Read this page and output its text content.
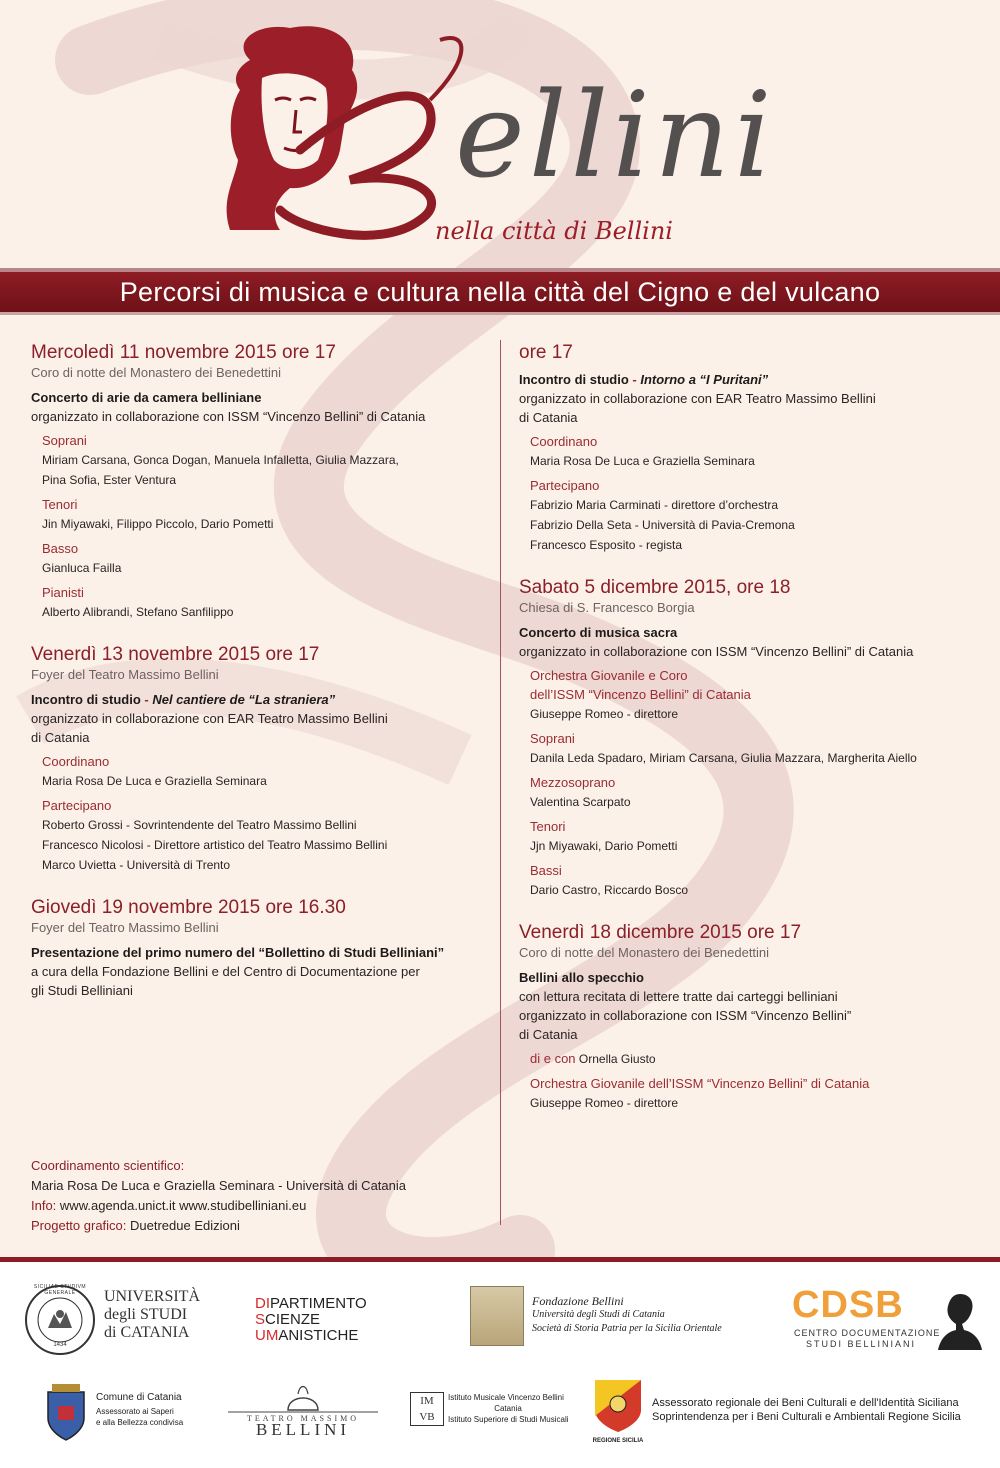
ellini
nella città di Bellini
Percorsi di musica e cultura nella città del Cigno e del vulcano
Mercoledì 11 novembre 2015 ore 17
Coro di notte del Monastero dei Benedettini
Concerto di arie da camera belliniane
organizzato in collaborazione con ISSM “Vincenzo Bellini” di Catania
Soprani
Miriam Carsana, Gonca Dogan, Manuela Infalletta, Giulia Mazzara,
Pina Sofia, Ester Ventura
Tenori
Jin Miyawaki, Filippo Piccolo, Dario Pometti
Basso
Gianluca Failla
Pianisti
Alberto Alibrandi, Stefano Sanfilippo
Venerdì 13 novembre 2015 ore 17
Foyer del Teatro Massimo Bellini
Incontro di studio - Nel cantiere de “La straniera”
organizzato in collaborazione con EAR Teatro Massimo Bellini
di Catania
Coordinano
Maria Rosa De Luca e Graziella Seminara
Partecipano
Roberto Grossi - Sovrintendente del Teatro Massimo Bellini
Francesco Nicolosi - Direttore artistico del Teatro Massimo Bellini
Marco Uvietta - Università di Trento
Giovedì 19 novembre 2015 ore 16.30
Foyer del Teatro Massimo Bellini
Presentazione del primo numero del “Bollettino di Studi Belliniani”
a cura della Fondazione Bellini e del Centro di Documentazione per
gli Studi Belliniani
Coordinamento scientifico:
Maria Rosa De Luca e Graziella Seminara - Università di Catania
Info: www.agenda.unict.it www.studibelliniani.eu
Progetto grafico: Duetredue Edizioni
ore 17
Incontro di studio - Intorno a “I Puritani”
organizzato in collaborazione con EAR Teatro Massimo Bellini
di Catania
Coordinano
Maria Rosa De Luca e Graziella Seminara
Partecipano
Fabrizio Maria Carminati - direttore d’orchestra
Fabrizio Della Seta - Università di Pavia-Cremona
Francesco Esposito - regista
Sabato 5 dicembre 2015, ore 18
Chiesa di S. Francesco Borgia
Concerto di musica sacra
organizzato in collaborazione con ISSM “Vincenzo Bellini” di Catania
Orchestra Giovanile e Coro
dell’ISSM “Vincenzo Bellini” di Catania
Giuseppe Romeo - direttore
Soprani
Danila Leda Spadaro, Miriam Carsana, Giulia Mazzara, Margherita Aiello
Mezzosoprano
Valentina Scarpato
Tenori
Jjn Miyawaki, Dario Pometti
Bassi
Dario Castro, Riccardo Bosco
Venerdì 18 dicembre 2015 ore 17
Coro di notte del Monastero dei Benedettini
Bellini allo specchio
con lettura recitata di lettere tratte dai carteggi belliniani
organizzato in collaborazione con ISSM “Vincenzo Bellini”
di Catania
di e con Ornella Giusto
Orchestra Giovanile dell’ISSM “Vincenzo Bellini” di Catania
Giuseppe Romeo - direttore
SICILIAE STVDIVM GENERALE
1434
UNIVERSITÀ
degli STUDI
di CATANIA
DIPARTIMENTO
SCIENZE
UMANISTICHE
Fondazione Bellini
Università degli Studi di Catania
Società di Storia Patria per la Sicilia Orientale
CDSB
CENTRO DOCUMENTAZIONE
STUDI BELLINIANI
Comune di Catania
Assessorato ai Saperi
e alla Bellezza condivisa	TEATRO MASSIMO
BELLINI
IM
VB
Istituto Musicale Vincenzo Bellini
Catania
Istituto Superiore di Studi Musicali
REGIONE SICILIA
Assessorato regionale dei Beni Culturali e dell'Identità Siciliana
Soprintendenza per i Beni Culturali e Ambientali Regione Sicilia
